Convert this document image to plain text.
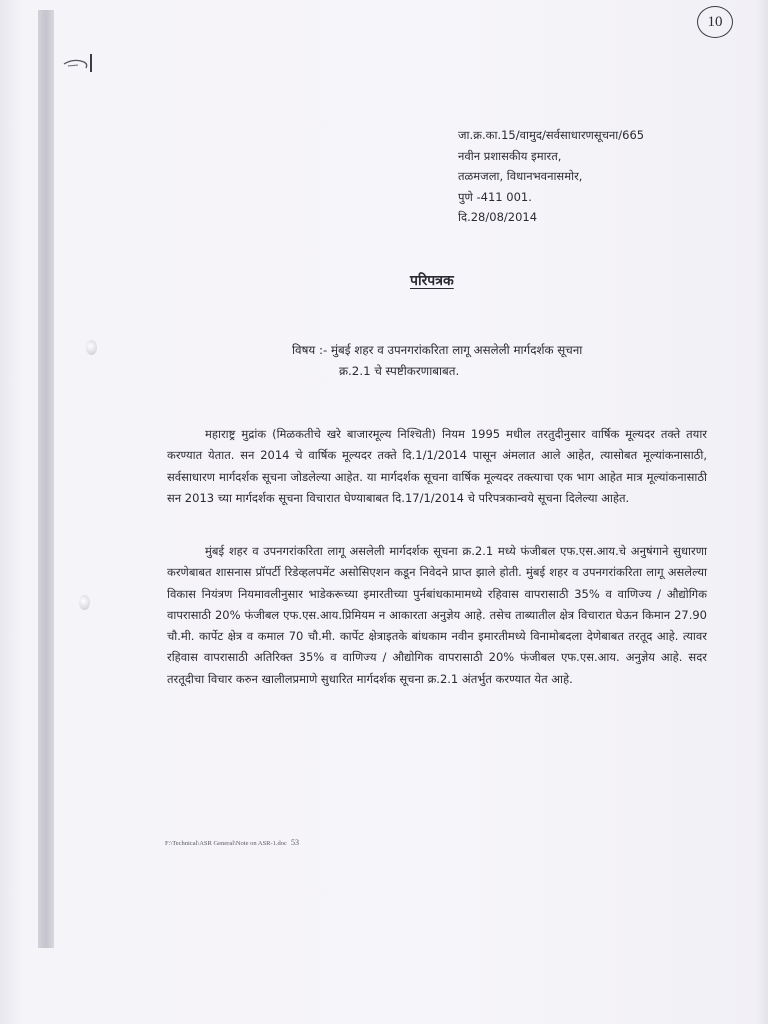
10
जा.क्र.का.15/वामुद/सर्वसाधारणसूचना/665
नवीन प्रशासकीय इमारत,
तळमजला, विधानभवनासमोर,
पुणे -411 001.
दि.28/08/2014
परिपत्रक
विषय :- मुंबई शहर व उपनगरांकरिता लागू असलेली मार्गदर्शक सूचना
क्र.2.1 चे स्पष्टीकरणाबाबत.
महाराष्ट्र मुद्रांक (मिळकतीचे खरे बाजारमूल्य निश्चिती) नियम 1995 मधील तरतुदीनुसार वार्षिक मूल्यदर तक्ते तयार करण्यात येतात. सन 2014 चे वार्षिक मूल्यदर तक्ते दि.1/1/2014 पासून अंमलात आले आहेत, त्यासोबत मूल्यांकनासाठी, सर्वसाधारण मार्गदर्शक सूचना जोडलेल्या आहेत. या मार्गदर्शक सूचना वार्षिक मूल्यदर तक्त्याचा एक भाग आहेत मात्र मूल्यांकनासाठी सन 2013 च्या मार्गदर्शक सूचना विचारात घेण्याबाबत दि.17/1/2014 चे परिपत्रकान्वये सूचना दिलेल्या आहेत.
मुंबई शहर व उपनगरांकरिता लागू असलेली मार्गदर्शक सूचना क्र.2.1 मध्ये फंजीबल एफ.एस.आय.चे अनुषंगाने सुधारणा करणेबाबत शासनास प्रॉपर्टी रिडेव्हलपमेंट असोसिएशन कडून निवेदने प्राप्त झाले होती. मुंबई शहर व उपनगरांकरिता लागू असलेल्या विकास नियंत्रण नियमावलीनुसार भाडेकरूच्या इमारतीच्या पुर्नबांधकामामध्ये रहिवास वापरासाठी 35% व वाणिज्य / औद्योगिक वापरासाठी 20% फंजीबल एफ.एस.आय.प्रिमियम न आकारता अनुज्ञेय आहे. तसेच ताब्यातील क्षेत्र विचारात घेऊन किमान 27.90 चौ.मी. कार्पेट क्षेत्र व कमाल 70 चौ.मी. कार्पेट क्षेत्राइतके बांधकाम नवीन इमारतीमध्ये विनामोबदला देणेबाबत तरतूद आहे. त्यावर रहिवास वापरासाठी अतिरिक्त 35% व वाणिज्य / औद्योगिक वापरासाठी 20% फंजीबल एफ.एस.आय. अनुज्ञेय आहे. सदर तरतूदीचा विचार करुन खालीलप्रमाणे सुधारित मार्गदर्शक सूचना क्र.2.1 अंतर्भुत करण्यात येत आहे.
F:\Technical\ASR General\Note on ASR-1.doc 53
